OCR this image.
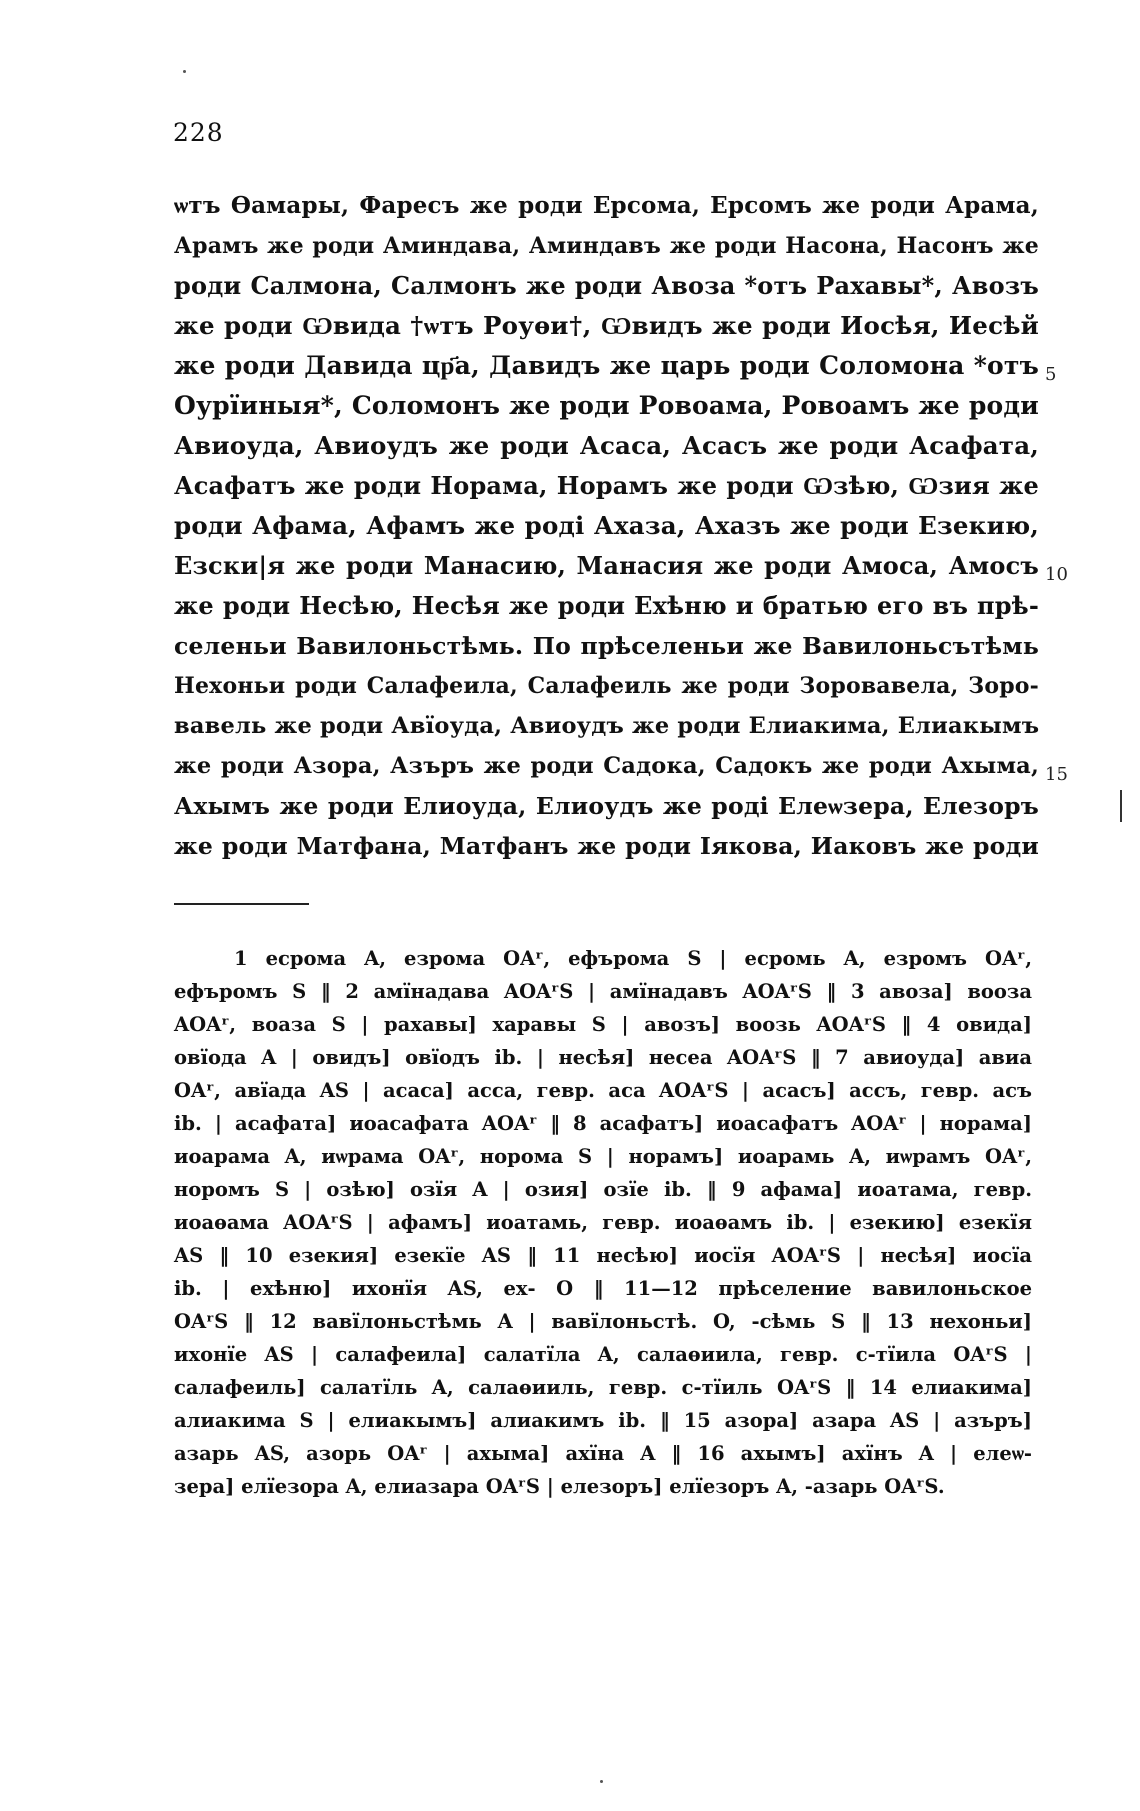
228
ѡтъ Ѳамары, Фаресъ же роди Ерсома, Ерсомъ же роди Арама,
Арамъ же роди Аминдава, Аминдавъ же роди Насона, Насонъ же
роди Салмона, Салмонъ же роди Авоза *отъ Рахавы*, Авозъ
же роди Ѡвида †ѡтъ Роуѳи†, Ѡвидъ же роди Иосѣя, Иесѣй
же роди Давида цр҃а, Давидъ же царь роди Соломона *отъ
Оурїиныя*, Соломонъ же роди Ровоама, Ровоамъ же роди
Авиоуда, Авиоудъ же роди Асаса, Асасъ же роди Асафата,
Асафатъ же роди Норама, Норамъ же роди Ѡзѣю, Ѡзия же
роди Афама, Афамъ же роді Ахаза, Ахазъ же роди Езекию,
Езски|я же роди Манасию, Манасия же роди Амоса, Амосъ
же роди Несѣю, Несѣя же роди Ехѣню и братью его въ прѣ-
селеньи Вавилоньстѣмь. По прѣселеньи же Вавилоньсътѣмь
Нехоньи роди Салафеила, Салафеиль же роди Зоровавела, Зоро-
вавель же роди Авїоуда, Авиоудъ же роди Елиакима, Елиакымъ
же роди Азора, Азъръ же роди Садока, Садокъ же роди Ахыма,
Ахымъ же роди Елиоуда, Елиоудъ же роді Елеѡзера, Елезоръ
же роди Матфана, Матфанъ же роди Іякова, Иаковъ же роди
5
10
15
1 есрома A, езрома OAʳ, ефърома S | есромь A, езромъ OAʳ,
ефъромъ S ‖ 2 амїнадава AOAʳS | амїнадавъ AOAʳS ‖ 3 авоза] вооза
AOAʳ, воаза S | рахавы] харавы S | авозъ] воозь AOAʳS ‖ 4 овида]
овїода A | овидъ] овїодъ ib. | несѣя] несеа AOAʳS ‖ 7 авиоуда] авиа
OAʳ, авїада AS | асаса] асса, гевр. аса AOAʳS | асасъ] ассъ, гевр. асъ
ib. | асафата] иоасафата AOAʳ ‖ 8 асафатъ] иоасафатъ AOAʳ | норама]
иоарама A, иѡрама OAʳ, норома S | норамъ] иоарамь A, иѡрамъ OAʳ,
норомъ S | озѣю] озїя A | озия] озїе ib. ‖ 9 афама] иоатама, гевр.
иоаѳама AOAʳS | афамъ] иоатамь, гевр. иоаѳамъ ib. | езекию] езекїя
AS ‖ 10 езекия] езекїе AS ‖ 11 несѣю] иосїя AOAʳS | несѣя] иосїа
ib. | ехѣню] ихонїя AS, ех- O ‖ 11—12 прѣселение вавилоньское
OAʳS ‖ 12 вавїлоньстѣмь A | вавїлоньстѣ. O, -сѣмь S ‖ 13 нехоньи]
ихонїе AS | салафеила] салатїла A, салаѳиила, гевр. с-тїила OAʳS |
салафеиль] салатїль A, салаѳииль, гевр. с-тїиль OAʳS ‖ 14 елиакима]
алиакима S | елиакымъ] алиакимъ ib. ‖ 15 азора] азара AS | азъръ]
азарь AS, азорь OAʳ | ахыма] ахїна A ‖ 16 ахымъ] ахїнъ A | елеѡ-
зера] елїезора A, елиазара OAʳS | елезоръ] елїезоръ A, -азарь OAʳS.
